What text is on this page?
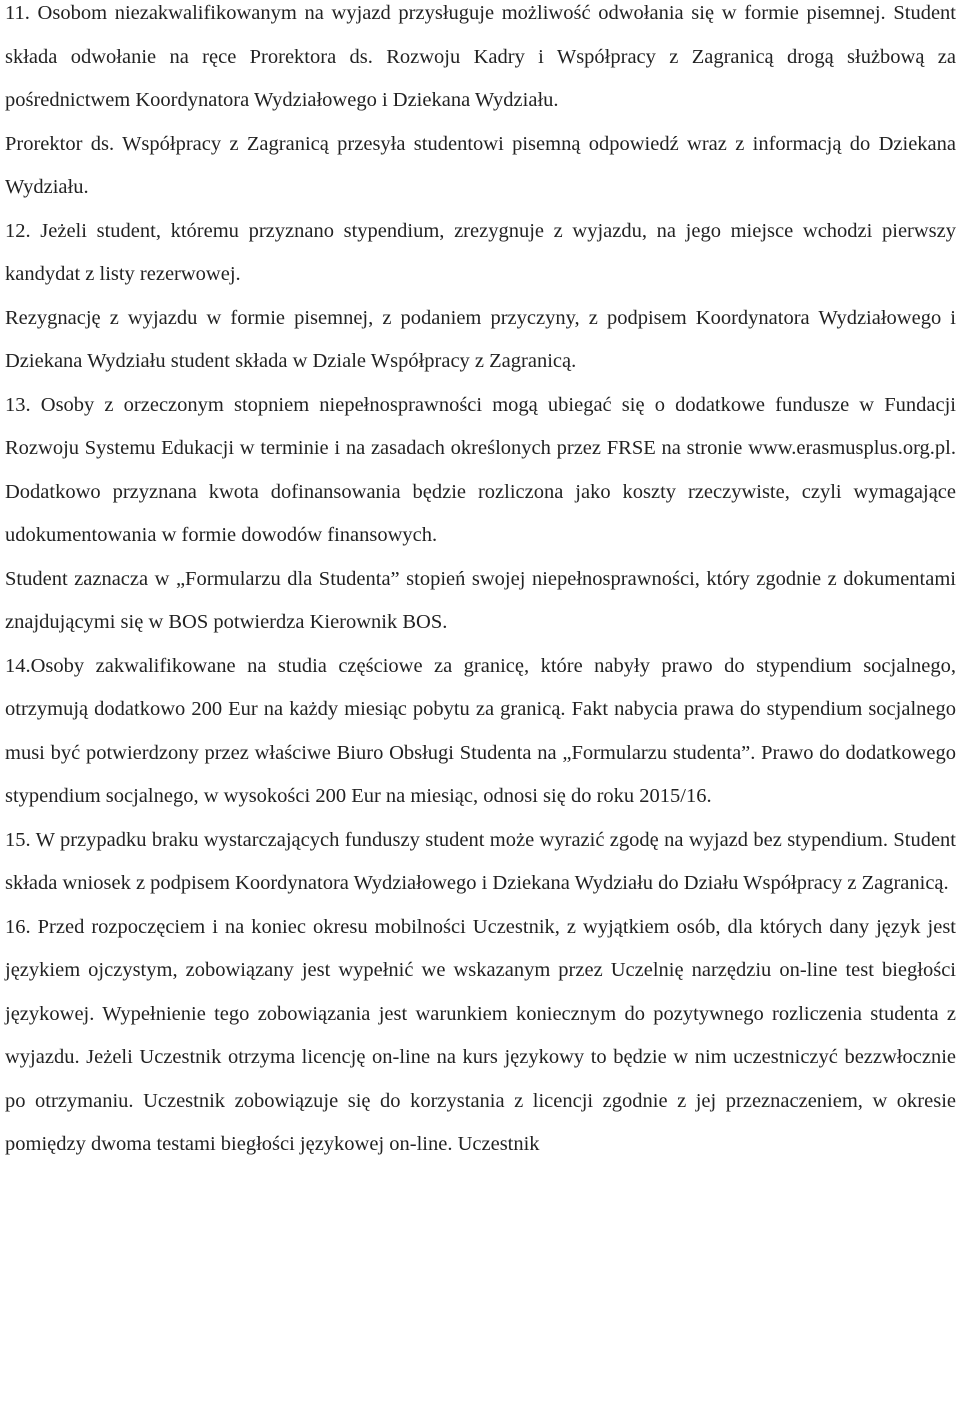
11. Osobom niezakwalifikowanym na wyjazd przysługuje możliwość odwołania się w formie pisemnej. Student składa odwołanie na ręce Prorektora ds. Rozwoju Kadry i Współpracy z Zagranicą drogą służbową za pośrednictwem Koordynatora Wydziałowego i Dziekana Wydziału.

Prorektor ds. Współpracy z Zagranicą przesyła studentowi pisemną odpowiedź wraz z informacją do Dziekana Wydziału.

12. Jeżeli student, któremu przyznano stypendium, zrezygnuje z wyjazdu, na jego miejsce wchodzi pierwszy kandydat z listy rezerwowej.

Rezygnację z wyjazdu w formie pisemnej, z podaniem przyczyny, z podpisem Koordynatora Wydziałowego i Dziekana Wydziału student składa w Dziale Współpracy z Zagranicą.

13. Osoby z orzeczonym stopniem niepełnosprawności mogą ubiegać się o dodatkowe fundusze w Fundacji Rozwoju Systemu Edukacji w terminie i na zasadach określonych przez FRSE na stronie www.erasmusplus.org.pl. Dodatkowo przyznana kwota dofinansowania będzie rozliczona jako koszty rzeczywiste, czyli wymagające udokumentowania w formie dowodów finansowych.

Student zaznacza w „Formularzu dla Studenta” stopień swojej niepełnosprawności, który zgodnie z dokumentami znajdującymi się w BOS potwierdza Kierownik BOS.

14.Osoby zakwalifikowane na studia częściowe za granicę, które nabyły prawo do stypendium socjalnego, otrzymują dodatkowo 200 Eur na każdy miesiąc pobytu za granicą. Fakt nabycia prawa do stypendium socjalnego musi być potwierdzony przez właściwe Biuro Obsługi Studenta na „Formularzu studenta”. Prawo do dodatkowego stypendium socjalnego, w wysokości 200 Eur na miesiąc, odnosi się do roku 2015/16.

15. W przypadku braku wystarczających funduszy student może wyrazić zgodę na wyjazd bez stypendium. Student składa wniosek z podpisem Koordynatora Wydziałowego i Dziekana Wydziału do Działu Współpracy z Zagranicą.

16. Przed rozpoczęciem i na koniec okresu mobilności Uczestnik, z wyjątkiem osób, dla których dany język jest językiem ojczystym, zobowiązany jest wypełnić we wskazanym przez Uczelnię narzędziu on-line test biegłości językowej. Wypełnienie tego zobowiązania jest warunkiem koniecznym do pozytywnego rozliczenia studenta z wyjazdu. Jeżeli Uczestnik otrzyma licencję on-line na kurs językowy to będzie w nim uczestniczyć bezzwłocznie po otrzymaniu. Uczestnik zobowiązuje się do korzystania z licencji zgodnie z jej przeznaczeniem, w okresie pomiędzy dwoma testami biegłości językowej on-line. Uczestnik
